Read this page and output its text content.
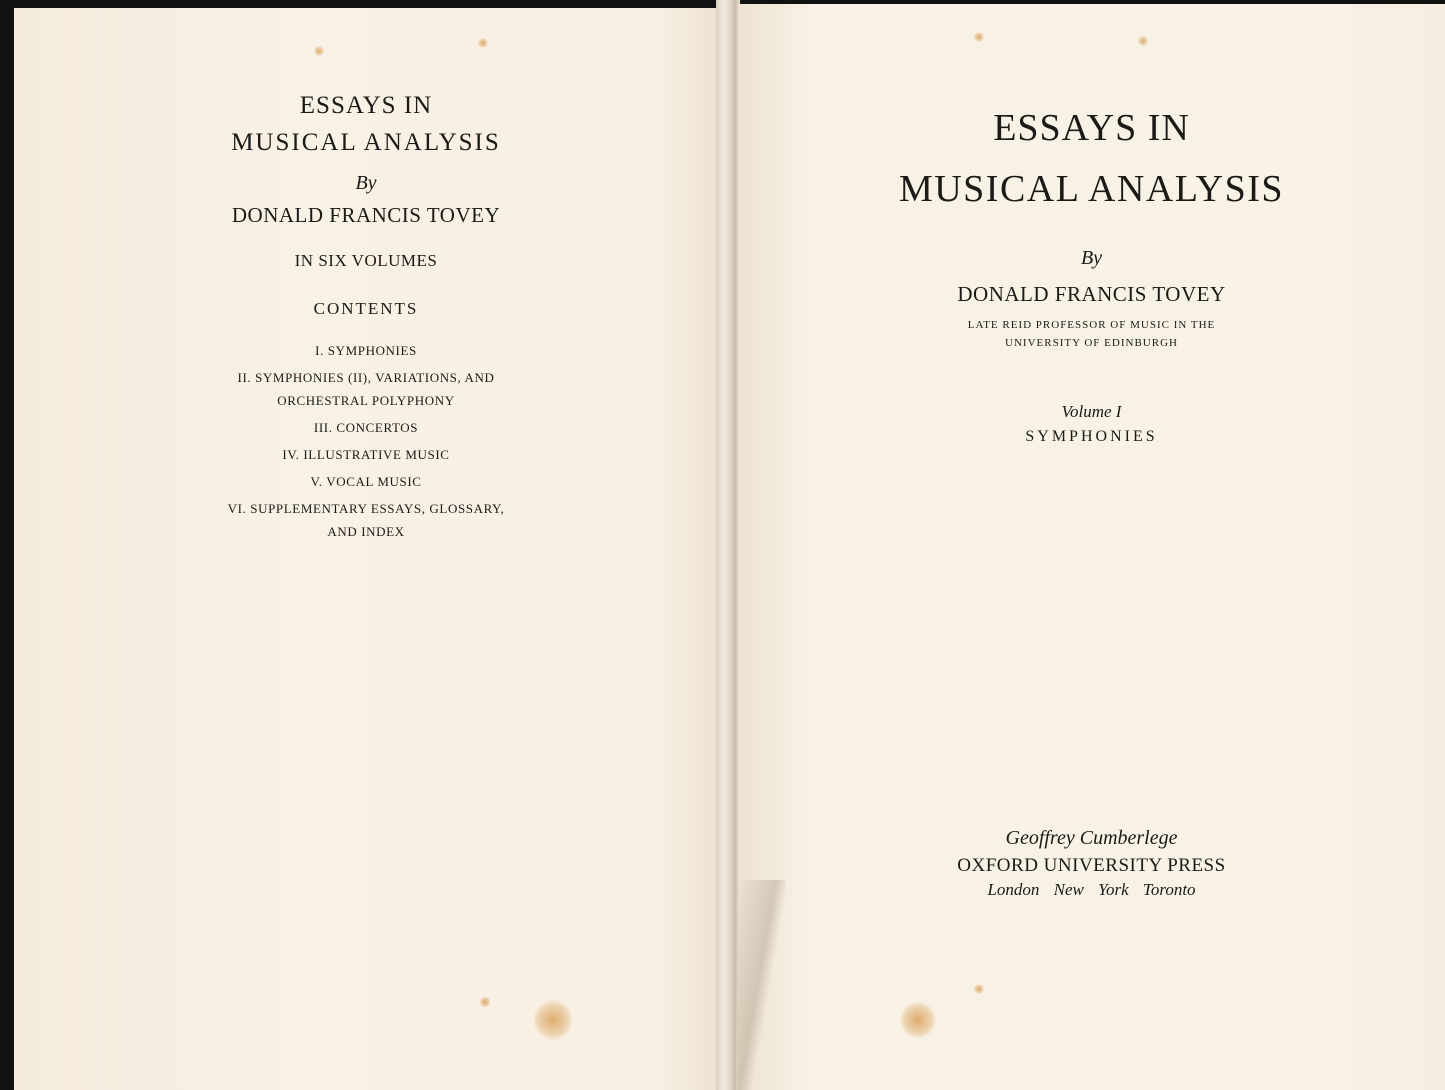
ESSAYS IN
MUSICAL ANALYSIS
By
DONALD FRANCIS TOVEY
IN SIX VOLUMES
CONTENTS
I. SYMPHONIES
II. SYMPHONIES (II), VARIATIONS, AND
ORCHESTRAL POLYPHONY
III. CONCERTOS
IV. ILLUSTRATIVE MUSIC
V. VOCAL MUSIC
VI. SUPPLEMENTARY ESSAYS, GLOSSARY,
AND INDEX
ESSAYS IN
MUSICAL ANALYSIS
By
DONALD FRANCIS TOVEY
LATE REID PROFESSOR OF MUSIC IN THE
UNIVERSITY OF EDINBURGH
Volume I
SYMPHONIES
Geoffrey Cumberlege
OXFORD UNIVERSITY PRESS
London New York Toronto
